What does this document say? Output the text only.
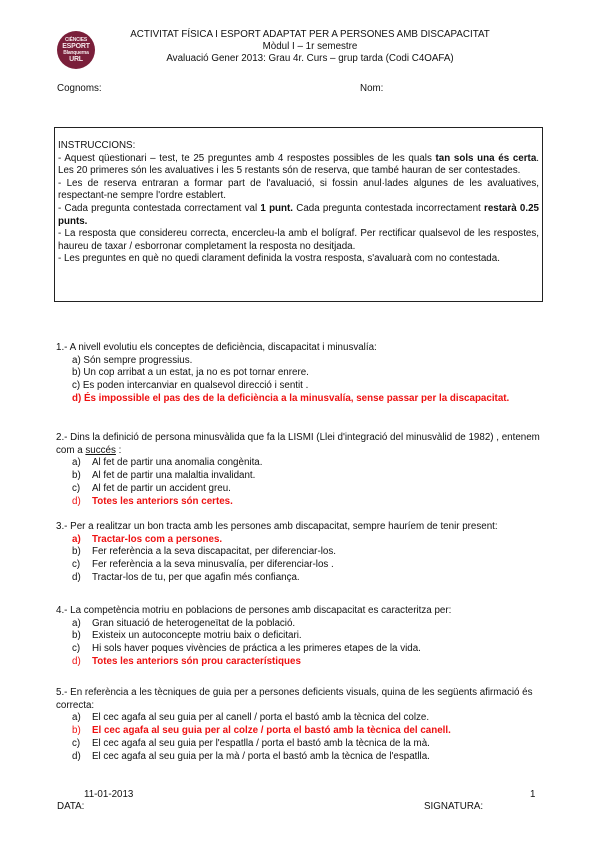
CIÈNCIES
ESPORT
Blanquerna
URL
ACTIVITAT FÍSICA I ESPORT ADAPTAT PER A PERSONES AMB DISCAPACITAT
Mòdul I – 1r semestre
Avaluació Gener 2013: Grau 4r. Curs – grup tarda (Codi C4OAFA)
Cognoms:	Nom:

INSTRUCCIONS:

- Aquest qüestionari – test, te 25 preguntes amb 4 respostes possibles de les quals tan sols una és certa. Les 20 primeres són les avaluatives i les 5 restants són de reserva, que també hauran de ser contestades.

- Les de reserva entraran a formar part de l'avaluació, si fossin anul·lades algunes de les avaluatives, respectant-ne sempre l'ordre establert.

- Cada pregunta contestada correctament val 1 punt. Cada pregunta contestada incorrectament restarà 0.25 punts.

- La resposta que considereu correcta, encercleu-la amb el bolígraf. Per rectificar qualsevol de les respostes, haureu de taxar / esborronar completament la resposta no desitjada.

- Les preguntes en què no quedi clarament definida la vostra resposta, s'avaluarà com no contestada.

1.- A nivell evolutiu els conceptes de deficiència, discapacitat i minusvalía:

a) Són sempre progressius.

b) Un cop arribat a un estat, ja no es pot tornar enrere.

c) Es poden intercanviar en qualsevol direcció i sentit .

d) És impossible el pas des de la deficiència a la minusvalía, sense passar per la discapacitat.

2.- Dins la definició de persona minusvàlida que fa la LISMI (Llei d'integració del minusvàlid de 1982) , entenem com a succés :

a)	Al fet de partir una anomalia congènita.
b)	Al fet de partir una malaltia invalidant.
c)	Al fet de partir un accident greu.
d)	Totes les anteriors són certes.

3.- Per a realitzar un bon tracta amb les persones amb discapacitat, sempre hauríem de tenir present:

a)	Tractar-los com a persones.
b)	Fer referència a la seva discapacitat, per diferenciar-los.
c)	Fer referència a la seva minusvalía, per diferenciar-los .
d)	Tractar-los de tu, per que agafin més confiança.

4.- La competència motriu en poblacions de persones amb discapacitat es caracteritza per:

a)	Gran situació de heterogeneïtat de la població.
b)	Existeix un autoconcepte motriu baix o deficitari.
c)	Hi sols haver poques vivències de práctica a les primeres etapes de la vida.
d)	Totes les anteriors són prou característiques

5.- En referència a les tècniques de guia per a persones deficients visuals, quina de les següents afirmació és correcta:

a)	El cec agafa al seu guia per al canell / porta el bastó amb la tècnica del colze.
b)	El cec agafa al seu guia per al colze / porta el bastó amb la tècnica del canell.
c)	El cec agafa al seu guia per l'espatlla / porta el bastó amb la tècnica de la mà.
d)	El cec agafa al seu guia per la mà / porta el bastó amb la tècnica de l'espatlla.
11-01-2013
DATA:
1
SIGNATURA:
